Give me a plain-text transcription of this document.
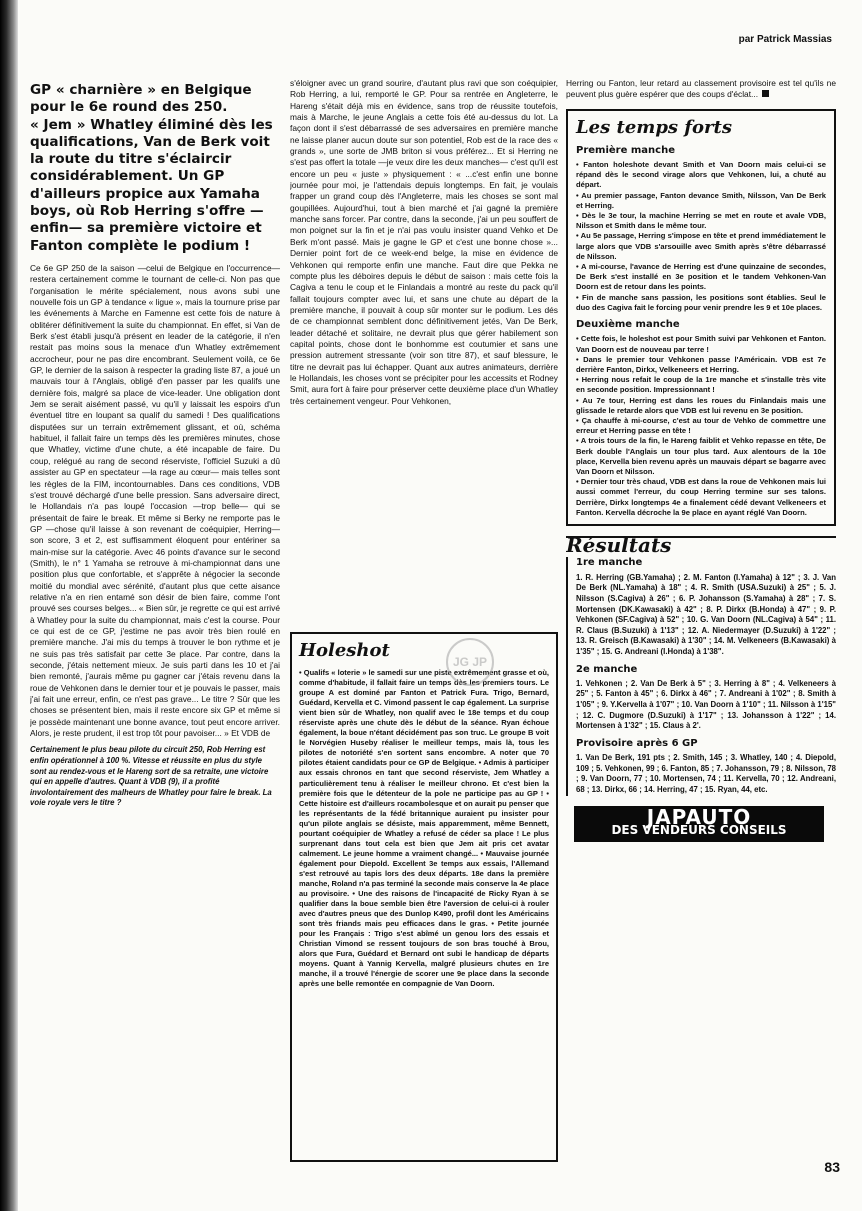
par Patrick Massias
GP « charnière » en Belgique pour le 6e round des 250.
« Jem » Whatley éliminé dès les qualifications, Van de Berk voit la route du titre s'éclaircir considérablement. Un GP d'ailleurs propice aux Yamaha boys, où Rob Herring s'offre —enfin— sa première victoire et Fanton complète le podium !

Ce 6e GP 250 de la saison —celui de Belgique en l'occurrence— restera certainement comme le tournant de celle-ci. Non pas que l'organisation le mérite spécialement, nous avons subi une nouvelle fois un GP à tendance « ligue », mais la tournure prise par les événements à Marche en Famenne est cette fois de nature à oblitérer définitivement la suite du championnat. En effet, si Van de Berk s'est établi jusqu'à présent en leader de la catégorie, il n'en restait pas moins sous la menace d'un Whatley extrêmement accrocheur, pour ne pas dire encombrant. Seulement voilà, ce 6e GP, le dernier de la saison à respecter la grading liste 87, a joué un mauvais tour à l'Anglais, obligé d'en passer par les qualifs une dernière fois, malgré sa place de vice-leader. Une obligation dont Jem se serait aisément passé, vu qu'il y laissait les espoirs d'un éventuel titre en loupant sa qualif du samedi ! Des qualifications disputées sur un terrain extrêmement glissant, et où, schéma habituel, il fallait faire un temps dès les premières minutes, chose que Whatley, victime d'une chute, a été incapable de faire. Du coup, relégué au rang de second réserviste, l'officiel Suzuki a dû assister au GP en spectateur —la rage au cœur— mais telles sont les règles de la FIM, incontournables. Dans ces conditions, VDB s'est trouvé déchargé d'une belle pression. Sans adversaire direct, le Hollandais n'a pas loupé l'occasion —trop belle— qui se présentait de faire le break. Et même si Berky ne remporte pas le GP —chose qu'il laisse à son revenant de coéquipier, Herring— son score, 3 et 2, est suffisamment éloquent pour entériner sa main-mise sur la catégorie. Avec 46 points d'avance sur le second (Smith), le n° 1 Yamaha se retrouve à mi-championnat dans une position plus que confortable, et s'apprête à négocier la seconde moitié du mondial avec sérénité, d'autant plus que cette aisance relative n'a en rien entamé son désir de bien faire, comme l'ont prouvé ses courses belges... « Bien sûr, je regrette ce qui est arrivé à Whatley pour la suite du championnat, mais c'est la course. Pour ce qui est de ce GP, j'estime ne pas avoir très bien roulé en première manche. J'ai mis du temps à trouver le bon rythme et je ne suis pas très satisfait par cette 3e place. Par contre, dans la seconde, j'étais nettement mieux. Je suis parti dans les 10 et j'ai bien remonté, j'aurais même pu gagner car j'étais revenu dans la roue de Vehkonen dans le dernier tour et je pouvais le passer, mais j'ai fait une erreur, enfin, ce n'est pas grave... Le titre ? Sûr que les choses se présentent bien, mais il reste encore six GP et même si je possède maintenant une bonne avance, tout peut encore arriver. Alors, je reste prudent, il est trop tôt pour pavoiser... » Et VDB de

Certainement le plus beau pilote du circuit 250, Rob Herring est enfin opérationnel à 100 %. Vitesse et réussite en plus du style sont au rendez-vous et le Hareng sort de sa retraite, une victoire qui en appelle d'autres. Quant à VDB (9), il a profité involontairement des malheurs de Whatley pour faire le break. La voie royale vers le titre ?

s'éloigner avec un grand sourire, d'autant plus ravi que son coéquipier, Rob Herring, a lui, remporté le GP. Pour sa rentrée en Angleterre, le Hareng s'était déjà mis en évidence, sans trop de réussite toutefois, mais à Marche, le jeune Anglais a cette fois été au-dessus du lot. La façon dont il s'est débarrassé de ses adversaires en première manche ne laisse planer aucun doute sur son potentiel, Rob est de la race des « grands », une sorte de JMB briton si vous préférez... Et si Herring ne s'est pas offert la totale —je veux dire les deux manches— c'est qu'il est encore un peu « juste » physiquement : « ...c'est enfin une bonne journée pour moi, je l'attendais depuis longtemps. En fait, je voulais frapper un grand coup dès l'Angleterre, mais les choses se sont mal goupillées. Aujourd'hui, tout à bien marché et j'ai gagné la première manche sans forcer. Par contre, dans la seconde, j'ai un peu souffert de mon poignet sur la fin et je n'ai pas voulu insister quand Vehko et De Berk m'ont passé. Mais je gagne le GP et c'est une bonne chose »... Dernier point fort de ce week-end belge, la mise en évidence de Vehkonen qui remporte enfin une manche. Faut dire que Pekka ne compte plus les déboires depuis le début de saison : mais cette fois la Cagiva a tenu le coup et le Finlandais a montré au reste du pack qu'il fallait toujours compter avec lui, et sans une chute au départ de la première manche, il pouvait à coup sûr monter sur le podium. Les dés de ce championnat semblent donc définitivement jetés, Van De Berk, leader détaché et solitaire, ne devrait plus que gérer habilement son capital points, chose dont le bonhomme est coutumier et sans une pression autrement stressante (voir son titre 87), et sauf blessure, le titre ne devrait pas lui échapper. Quant aux autres animateurs, derrière le Hollandais, les choses vont se précipiter pour les accessits et Rodney Smit, aura fort à faire pour préserver cette deuxième place d'un Whatley très certainement vengeur. Pour Vehkonen,

Holeshot

• Qualifs « loterie » le samedi sur une piste extrêmement grasse et où, comme d'habitude, il fallait faire un temps dès les premiers tours. Le groupe A est dominé par Fanton et Patrick Fura. Trigo, Bernard, Guédard, Kervella et C. Vimond passent le cap également. La surprise vient bien sûr de Whatley, non qualif avec le 18e temps et du coup réserviste après une chute dès le début de la séance. Ryan échoue également, la boue n'étant décidément pas son truc. Le groupe B voit le Norvégien Huseby réaliser le meilleur temps, mais là, tous les pilotes de notoriété s'en sortent sans encombre. A noter que 70 pilotes étaient candidats pour ce GP de Belgique. • Admis à participer aux essais chronos en tant que second réserviste, Jem Whatley a particulièrement tenu à réaliser le meilleur chrono. Et c'est bien la première fois que le détenteur de la pole ne participe pas au GP ! • Cette histoire est d'ailleurs rocambolesque et on aurait pu penser que les représentants de la fédé britannique auraient pu insister pour qu'un pilote anglais se désiste, mais apparemment, même Bennett, pourtant coéquipier de Whatley a refusé de céder sa place ! Le plus surprenant dans tout cela est bien que Jem ait pris cet avatar calmement. Le jeune homme a vraiment changé... • Mauvaise journée également pour Diepold. Excellent 3e temps aux essais, l'Allemand s'est retrouvé au tapis lors des deux départs. 18e dans la première manche, Roland n'a pas terminé la seconde mais conserve la 4e place au provisoire. • Une des raisons de l'incapacité de Ricky Ryan à se qualifier dans la boue semble bien être l'aversion de celui-ci à rouler avec d'autres pneus que des Dunlop K490, profil dont les Américains sont très friands mais peu efficaces dans le gras. • Petite journée pour les Français : Trigo s'est abîmé un genou lors des essais et Christian Vimond se ressent toujours de son bras touché à Brou, alors que Fura, Guédard et Bernard ont subi le handicap de départs moyens. Quant à Yannig Kervella, malgré plusieurs chutes en 1re manche, il a trouvé l'énergie de scorer une 9e place dans la seconde après une belle remontée en compagnie de Van Doorn.

JG JP

Herring ou Fanton, leur retard au classement provisoire est tel qu'ils ne peuvent plus guère espérer que des coups d'éclat...

Les temps forts
Première manche
• Fanton holeshote devant Smith et Van Doorn mais celui-ci se répand dès le second virage alors que Vehkonen, lui, a chuté au départ.
• Au premier passage, Fanton devance Smith, Nilsson, Van De Berk et Herring.
• Dès le 3e tour, la machine Herring se met en route et avale VDB, Nilsson et Smith dans le même tour.
• Au 5e passage, Herring s'impose en tête et prend immédiatement le large alors que VDB s'arsouille avec Smith après s'être débarrassé de Nilsson.
• A mi-course, l'avance de Herring est d'une quinzaine de secondes, De Berk s'est installé en 3e position et le tandem Vehkonen-Van Doorn est de retour dans les points.
• Fin de manche sans passion, les positions sont établies. Seul le duo des Cagiva fait le forcing pour venir prendre les 9 et 10e places.
Deuxième manche
• Cette fois, le holeshot est pour Smith suivi par Vehkonen et Fanton. Van Doorn est de nouveau par terre !
• Dans le premier tour Vehkonen passe l'Américain. VDB est 7e derrière Fanton, Dirkx, Velkeneers et Herring.
• Herring nous refait le coup de la 1re manche et s'installe très vite en seconde position. Impressionnant !
• Au 7e tour, Herring est dans les roues du Finlandais mais une glissade le retarde alors que VDB est lui revenu en 3e position.
• Ça chauffe à mi-course, c'est au tour de Vehko de commettre une erreur et Herring passe en tête !
• A trois tours de la fin, le Hareng faiblit et Vehko repasse en tête, De Berk double l'Anglais un tour plus tard. Aux alentours de la 10e place, Kervella bien revenu après un mauvais départ se bagarre avec Van Doorn et Nilsson.
• Dernier tour très chaud, VDB est dans la roue de Vehkonen mais lui aussi commet l'erreur, du coup Herring termine sur ses talons. Derrière, Dirkx longtemps 4e a finalement cédé devant Velkeneers et Fanton. Kervella décroche la 9e place en ayant réglé Van Doorn.
Résultats
1re manche

1. R. Herring (GB.Yamaha) ; 2. M. Fanton (I.Yamaha) à 12" ; 3. J. Van De Berk (NL.Yamaha) à 18" ; 4. R. Smith (USA.Suzuki) à 25" ; 5. J. Nilsson (S.Cagiva) à 26" ; 6. P. Johansson (S.Yamaha) à 28" ; 7. S. Mortensen (DK.Kawasaki) à 42" ; 8. P. Dirkx (B.Honda) à 47" ; 9. P. Vehkonen (SF.Cagiva) à 52" ; 10. G. Van Doorn (NL.Cagiva) à 54" ; 11. R. Claus (B.Suzuki) à 1'13" ; 12. A. Niedermayer (D.Suzuki) à 1'22" ; 13. R. Greisch (B.Kawasaki) à 1'30" ; 14. M. Velkeneers (B.Kawasaki) à 1'35" ; 15. G. Andreani (I.Honda) à 1'38".

2e manche

1. Vehkonen ; 2. Van De Berk à 5" ; 3. Herring à 8" ; 4. Velkeneers à 25" ; 5. Fanton à 45" ; 6. Dirkx à 46" ; 7. Andreani à 1'02" ; 8. Smith à 1'05" ; 9. Y.Kervella à 1'07" ; 10. Van Doorn à 1'10" ; 11. Nilsson à 1'15" ; 12. C. Dugmore (D.Suzuki) à 1'17" ; 13. Johansson à 1'22" ; 14. Mortensen à 1'32" ; 15. Claus à 2'.

Provisoire après 6 GP

1. Van De Berk, 191 pts ; 2. Smith, 145 ; 3. Whatley, 140 ; 4. Diepold, 109 ; 5. Vehkonen, 99 ; 6. Fanton, 85 ; 7. Johansson, 79 ; 8. Nilsson, 78 ; 9. Van Doorn, 77 ; 10. Mortensen, 74 ; 11. Kervella, 70 ; 12. Andreani, 68 ; 13. Dirkx, 66 ; 14. Herring, 47 ; 15. Ryan, 44, etc.

JAPAUTO
DES VENDEURS CONSEILS
83
